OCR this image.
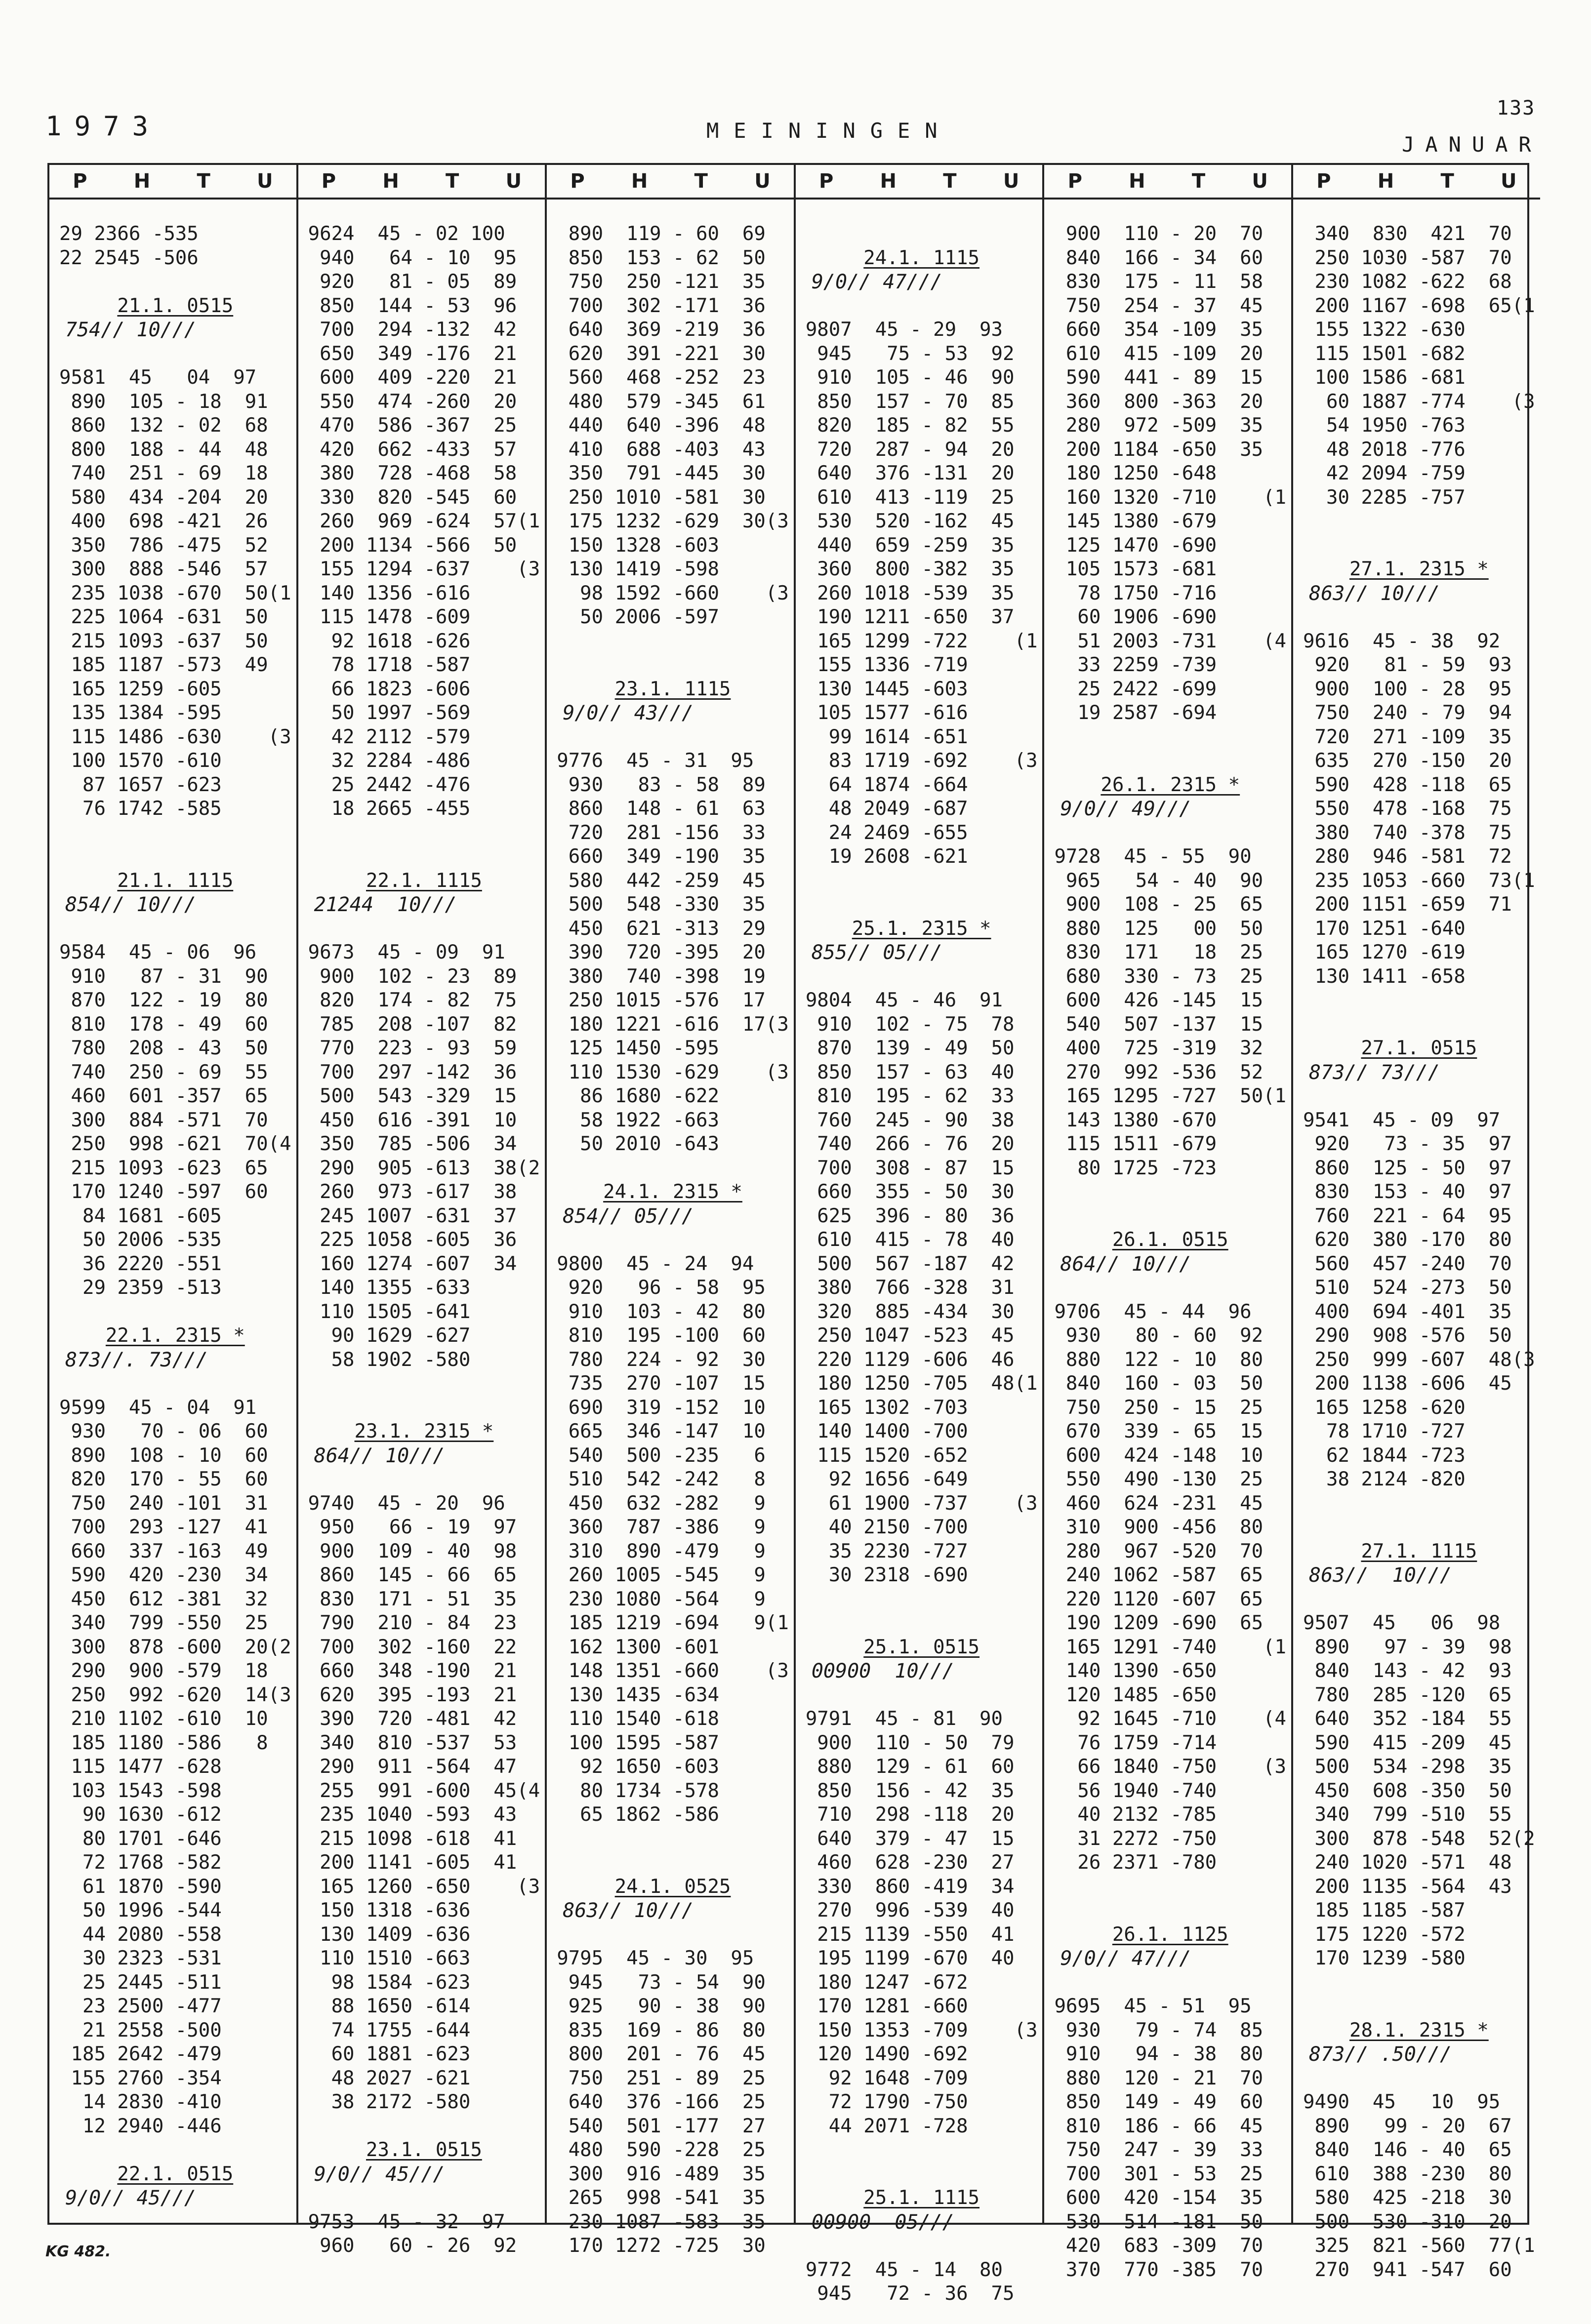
1973	MEININGEN
133
JANUAR
P H T U
29 2366 -535
22 2545 -506
21.1. 0515
754// 10///
9581  45   04  97
890  105 - 18  91
860  132 - 02  68
800  188 - 44  48
740  251 - 69  18
580  434 -204  20
400  698 -421  26
350  786 -475  52
300  888 -546  57
235 1038 -670  50(1
225 1064 -631  50
215 1093 -637  50
185 1187 -573  49
165 1259 -605
135 1384 -595
115 1486 -630    (3
100 1570 -610
87 1657 -623
76 1742 -585
21.1. 1115
854// 10///
9584  45 - 06  96
910   87 - 31  90
870  122 - 19  80
810  178 - 49  60
780  208 - 43  50
740  250 - 69  55
460  601 -357  65
300  884 -571  70
250  998 -621  70(4
215 1093 -623  65
170 1240 -597  60
84 1681 -605
50 2006 -535
36 2220 -551
29 2359 -513
22.1. 2315 *
873//. 73///
9599  45 - 04  91
930   70 - 06  60
890  108 - 10  60
820  170 - 55  60
750  240 -101  31
700  293 -127  41
660  337 -163  49
590  420 -230  34
450  612 -381  32
340  799 -550  25
300  878 -600  20(2
290  900 -579  18
250  992 -620  14(3
210 1102 -610  10
185 1180 -586   8
115 1477 -628
103 1543 -598
90 1630 -612
80 1701 -646
72 1768 -582
61 1870 -590
50 1996 -544
44 2080 -558
30 2323 -531
25 2445 -511
23 2500 -477
21 2558 -500
185 2642 -479
155 2760 -354
14 2830 -410
12 2940 -446
22.1. 0515
9/0// 45///
P H T U
9624  45 - 02 100
940   64 - 10  95
920   81 - 05  89
850  144 - 53  96
700  294 -132  42
650  349 -176  21
600  409 -220  21
550  474 -260  20
470  586 -367  25
420  662 -433  57
380  728 -468  58
330  820 -545  60
260  969 -624  57(1
200 1134 -566  50
155 1294 -637    (3
140 1356 -616
115 1478 -609
92 1618 -626
78 1718 -587
66 1823 -606
50 1997 -569
42 2112 -579
32 2284 -486
25 2442 -476
18 2665 -455
22.1. 1115
21244  10///
9673  45 - 09  91
900  102 - 23  89
820  174 - 82  75
785  208 -107  82
770  223 - 93  59
700  297 -142  36
500  543 -329  15
450  616 -391  10
350  785 -506  34
290  905 -613  38(2
260  973 -617  38
245 1007 -631  37
225 1058 -605  36
160 1274 -607  34
140 1355 -633
110 1505 -641
90 1629 -627
58 1902 -580
23.1. 2315 *
864// 10///
9740  45 - 20  96
950   66 - 19  97
900  109 - 40  98
860  145 - 66  65
830  171 - 51  35
790  210 - 84  23
700  302 -160  22
660  348 -190  21
620  395 -193  21
390  720 -481  42
340  810 -537  53
290  911 -564  47
255  991 -600  45(4
235 1040 -593  43
215 1098 -618  41
200 1141 -605  41
165 1260 -650    (3
150 1318 -636
130 1409 -636
110 1510 -663
98 1584 -623
88 1650 -614
74 1755 -644
60 1881 -623
48 2027 -621
38 2172 -580
23.1. 0515
9/0// 45///
9753  45 - 32  97
960   60 - 26  92
P H T U
890  119 - 60  69
850  153 - 62  50
750  250 -121  35
700  302 -171  36
640  369 -219  36
620  391 -221  30
560  468 -252  23
480  579 -345  61
440  640 -396  48
410  688 -403  43
350  791 -445  30
250 1010 -581  30
175 1232 -629  30(3
150 1328 -603
130 1419 -598
98 1592 -660    (3
50 2006 -597
23.1. 1115
9/0// 43///
9776  45 - 31  95
930   83 - 58  89
860  148 - 61  63
720  281 -156  33
660  349 -190  35
580  442 -259  45
500  548 -330  35
450  621 -313  29
390  720 -395  20
380  740 -398  19
250 1015 -576  17
180 1221 -616  17(3
125 1450 -595
110 1530 -629    (3
86 1680 -622
58 1922 -663
50 2010 -643
24.1. 2315 *
854// 05///
9800  45 - 24  94
920   96 - 58  95
910  103 - 42  80
810  195 -100  60
780  224 - 92  30
735  270 -107  15
690  319 -152  10
665  346 -147  10
540  500 -235   6
510  542 -242   8
450  632 -282   9
360  787 -386   9
310  890 -479   9
260 1005 -545   9
230 1080 -564   9
185 1219 -694   9(1
162 1300 -601
148 1351 -660    (3
130 1435 -634
110 1540 -618
100 1595 -587
92 1650 -603
80 1734 -578
65 1862 -586
24.1. 0525
863// 10///
9795  45 - 30  95
945   73 - 54  90
925   90 - 38  90
835  169 - 86  80
800  201 - 76  45
750  251 - 89  25
640  376 -166  25
540  501 -177  27
480  590 -228  25
300  916 -489  35
265  998 -541  35
230 1087 -583  35
170 1272 -725  30
P H T U
24.1. 1115
9/0// 47///
9807  45 - 29  93
945   75 - 53  92
910  105 - 46  90
850  157 - 70  85
820  185 - 82  55
720  287 - 94  20
640  376 -131  20
610  413 -119  25
530  520 -162  45
440  659 -259  35
360  800 -382  35
260 1018 -539  35
190 1211 -650  37
165 1299 -722    (1
155 1336 -719
130 1445 -603
105 1577 -616
99 1614 -651
83 1719 -692    (3
64 1874 -664
48 2049 -687
24 2469 -655
19 2608 -621
25.1. 2315 *
855// 05///
9804  45 - 46  91
910  102 - 75  78
870  139 - 49  50
850  157 - 63  40
810  195 - 62  33
760  245 - 90  38
740  266 - 76  20
700  308 - 87  15
660  355 - 50  30
625  396 - 80  36
610  415 - 78  40
500  567 -187  42
380  766 -328  31
320  885 -434  30
250 1047 -523  45
220 1129 -606  46
180 1250 -705  48(1
165 1302 -703
140 1400 -700
115 1520 -652
92 1656 -649
61 1900 -737    (3
40 2150 -700
35 2230 -727
30 2318 -690
25.1. 0515
00900  10///
9791  45 - 81  90
900  110 - 50  79
880  129 - 61  60
850  156 - 42  35
710  298 -118  20
640  379 - 47  15
460  628 -230  27
330  860 -419  34
270  996 -539  40
215 1139 -550  41
195 1199 -670  40
180 1247 -672
170 1281 -660
150 1353 -709    (3
120 1490 -692
92 1648 -709
72 1790 -750
44 2071 -728
25.1. 1115
00900  05///
9772  45 - 14  80
945   72 - 36  75
P H T U
900  110 - 20  70
840  166 - 34  60
830  175 - 11  58
750  254 - 37  45
660  354 -109  35
610  415 -109  20
590  441 - 89  15
360  800 -363  20
280  972 -509  35
200 1184 -650  35
180 1250 -648
160 1320 -710    (1
145 1380 -679
125 1470 -690
105 1573 -681
78 1750 -716
60 1906 -690
51 2003 -731    (4
33 2259 -739
25 2422 -699
19 2587 -694
26.1. 2315 *
9/0// 49///
9728  45 - 55  90
965   54 - 40  90
900  108 - 25  65
880  125   00  50
830  171   18  25
680  330 - 73  25
600  426 -145  15
540  507 -137  15
400  725 -319  32
270  992 -536  52
165 1295 -727  50(1
143 1380 -670
115 1511 -679
80 1725 -723
26.1. 0515
864// 10///
9706  45 - 44  96
930   80 - 60  92
880  122 - 10  80
840  160 - 03  50
750  250 - 15  25
670  339 - 65  15
600  424 -148  10
550  490 -130  25
460  624 -231  45
310  900 -456  80
280  967 -520  70
240 1062 -587  65
220 1120 -607  65
190 1209 -690  65
165 1291 -740    (1
140 1390 -650
120 1485 -650
92 1645 -710    (4
76 1759 -714
66 1840 -750    (3
56 1940 -740
40 2132 -785
31 2272 -750
26 2371 -780
26.1. 1125
9/0// 47///
9695  45 - 51  95
930   79 - 74  85
910   94 - 38  80
880  120 - 21  70
850  149 - 49  60
810  186 - 66  45
750  247 - 39  33
700  301 - 53  25
600  420 -154  35
530  514 -181  50
420  683 -309  70
370  770 -385  70
P H T U
340  830  421  70
250 1030 -587  70
230 1082 -622  68
200 1167 -698  65(1
155 1322 -630
115 1501 -682
100 1586 -681
60 1887 -774    (3
54 1950 -763
48 2018 -776
42 2094 -759
30 2285 -757
27.1. 2315 *
863// 10///
9616  45 - 38  92
920   81 - 59  93
900  100 - 28  95
750  240 - 79  94
720  271 -109  35
635  270 -150  20
590  428 -118  65
550  478 -168  75
380  740 -378  75
280  946 -581  72
235 1053 -660  73(1
200 1151 -659  71
170 1251 -640
165 1270 -619
130 1411 -658
27.1. 0515
873// 73///
9541  45 - 09  97
920   73 - 35  97
860  125 - 50  97
830  153 - 40  97
760  221 - 64  95
620  380 -170  80
560  457 -240  70
510  524 -273  50
400  694 -401  35
290  908 -576  50
250  999 -607  48(3
200 1138 -606  45
165 1258 -620
78 1710 -727
62 1844 -723
38 2124 -820
27.1. 1115
863//  10///
9507  45   06  98
890   97 - 39  98
840  143 - 42  93
780  285 -120  65
640  352 -184  55
590  415 -209  45
500  534 -298  35
450  608 -350  50
340  799 -510  55
300  878 -548  52(2
240 1020 -571  48
200 1135 -564  43
185 1185 -587
175 1220 -572
170 1239 -580
28.1. 2315 *
873// .50///
9490  45   10  95
890   99 - 20  67
840  146 - 40  65
610  388 -230  80
580  425 -218  30
500  530 -310  20
325  821 -560  77(1
270  941 -547  60
KG 482.
